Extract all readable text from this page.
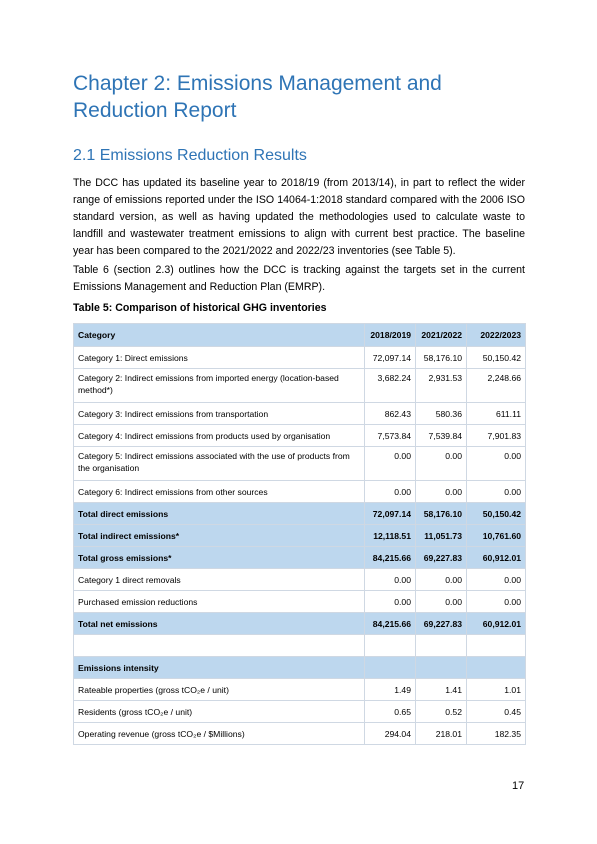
Chapter 2: Emissions Management and Reduction Report
2.1 Emissions Reduction Results

The DCC has updated its baseline year to 2018/19 (from 2013/14), in part to reflect the wider range of emissions reported under the ISO 14064-1:2018 standard compared with the 2006 ISO standard version, as well as having updated the methodologies used to calculate waste to landfill and wastewater treatment emissions to align with current best practice. The baseline year has been compared to the 2021/2022 and 2022/23 inventories (see Table 5).

Table 6 (section 2.3) outlines how the DCC is tracking against the targets set in the current Emissions Management and Reduction Plan (EMRP).

Table 5: Comparison of historical GHG inventories

Category	2018/2019	2021/2022	2022/2023
Category 1: Direct emissions	72,097.14	58,176.10	50,150.42
Category 2: Indirect emissions from imported energy (location-based method*)	3,682.24	2,931.53	2,248.66
Category 3: Indirect emissions from transportation	862.43	580.36	611.11
Category 4: Indirect emissions from products used by organisation	7,573.84	7,539.84	7,901.83
Category 5: Indirect emissions associated with the use of products from the organisation	0.00	0.00	0.00
Category 6: Indirect emissions from other sources	0.00	0.00	0.00
Total direct emissions	72,097.14	58,176.10	50,150.42
Total indirect emissions*	12,118.51	11,051.73	10,761.60
Total gross emissions*	84,215.66	69,227.83	60,912.01
Category 1 direct removals	0.00	0.00	0.00
Purchased emission reductions	0.00	0.00	0.00
Total net emissions	84,215.66	69,227.83	60,912.01

Emissions intensity			
Rateable properties (gross tCO₂e / unit)	1.49	1.41	1.01
Residents (gross tCO₂e / unit)	0.65	0.52	0.45
Operating revenue (gross tCO₂e / $Millions)	294.04	218.01	182.35
17
